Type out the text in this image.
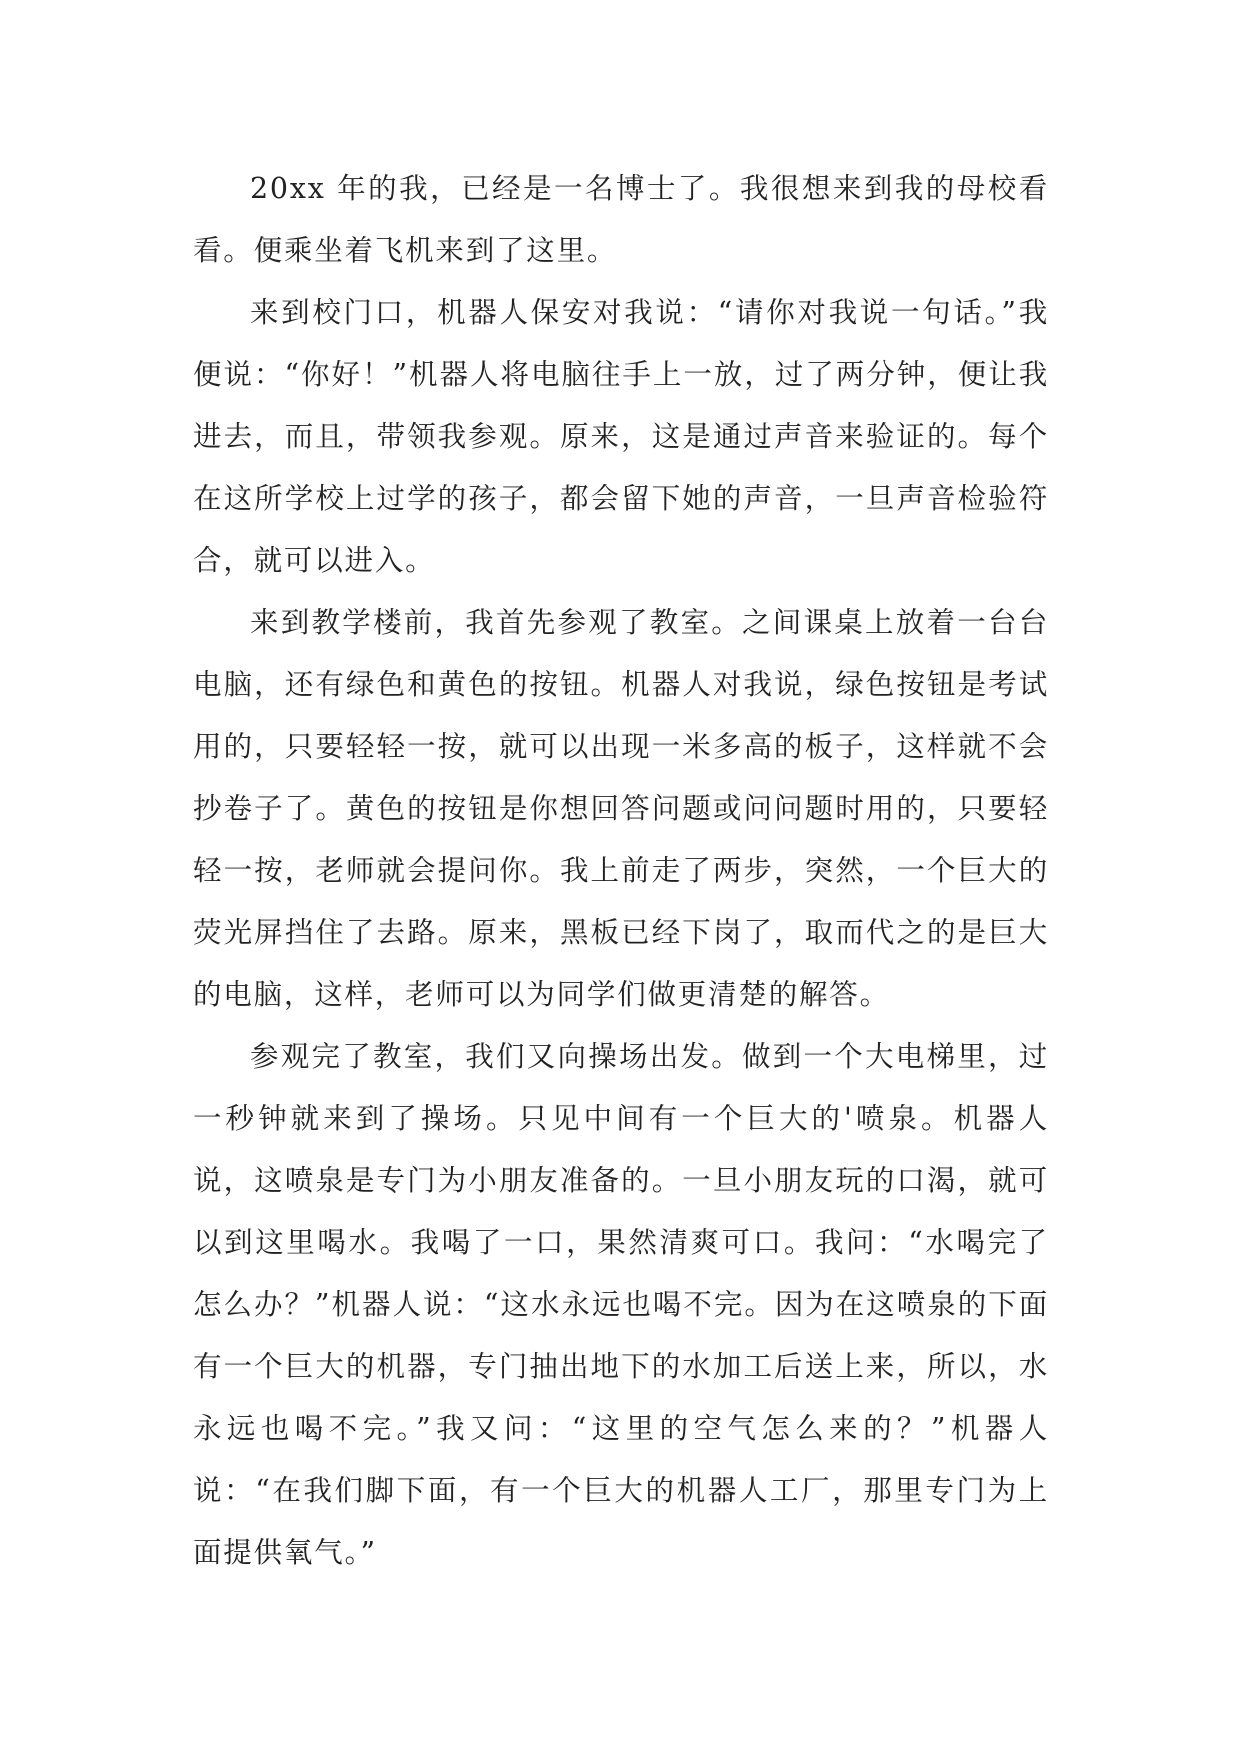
20xx 年的我，已经是一名博士了。我很想来到我的母校看看。便乘坐着飞机来到了这里。

来到校门口，机器人保安对我说：“请你对我说一句话。”我便说：“你好！”机器人将电脑往手上一放，过了两分钟，便让我进去，而且，带领我参观。原来，这是通过声音来验证的。每个在这所学校上过学的孩子，都会留下她的声音，一旦声音检验符合，就可以进入。

来到教学楼前，我首先参观了教室。之间课桌上放着一台台电脑，还有绿色和黄色的按钮。机器人对我说，绿色按钮是考试用的，只要轻轻一按，就可以出现一米多高的板子，这样就不会抄卷子了。黄色的按钮是你想回答问题或问问题时用的，只要轻轻一按，老师就会提问你。我上前走了两步，突然，一个巨大的荧光屏挡住了去路。原来，黑板已经下岗了，取而代之的是巨大的电脑，这样，老师可以为同学们做更清楚的解答。

参观完了教室，我们又向操场出发。做到一个大电梯里，过一秒钟就来到了操场。只见中间有一个巨大的'喷泉。机器人说，这喷泉是专门为小朋友准备的。一旦小朋友玩的口渴，就可以到这里喝水。我喝了一口，果然清爽可口。我问：“水喝完了怎么办？”机器人说：“这水永远也喝不完。因为在这喷泉的下面有一个巨大的机器，专门抽出地下的水加工后送上来，所以，水永远也喝不完。”我又问：“这里的空气怎么来的？”机器人说：“在我们脚下面，有一个巨大的机器人工厂，那里专门为上面提供氧气。”
